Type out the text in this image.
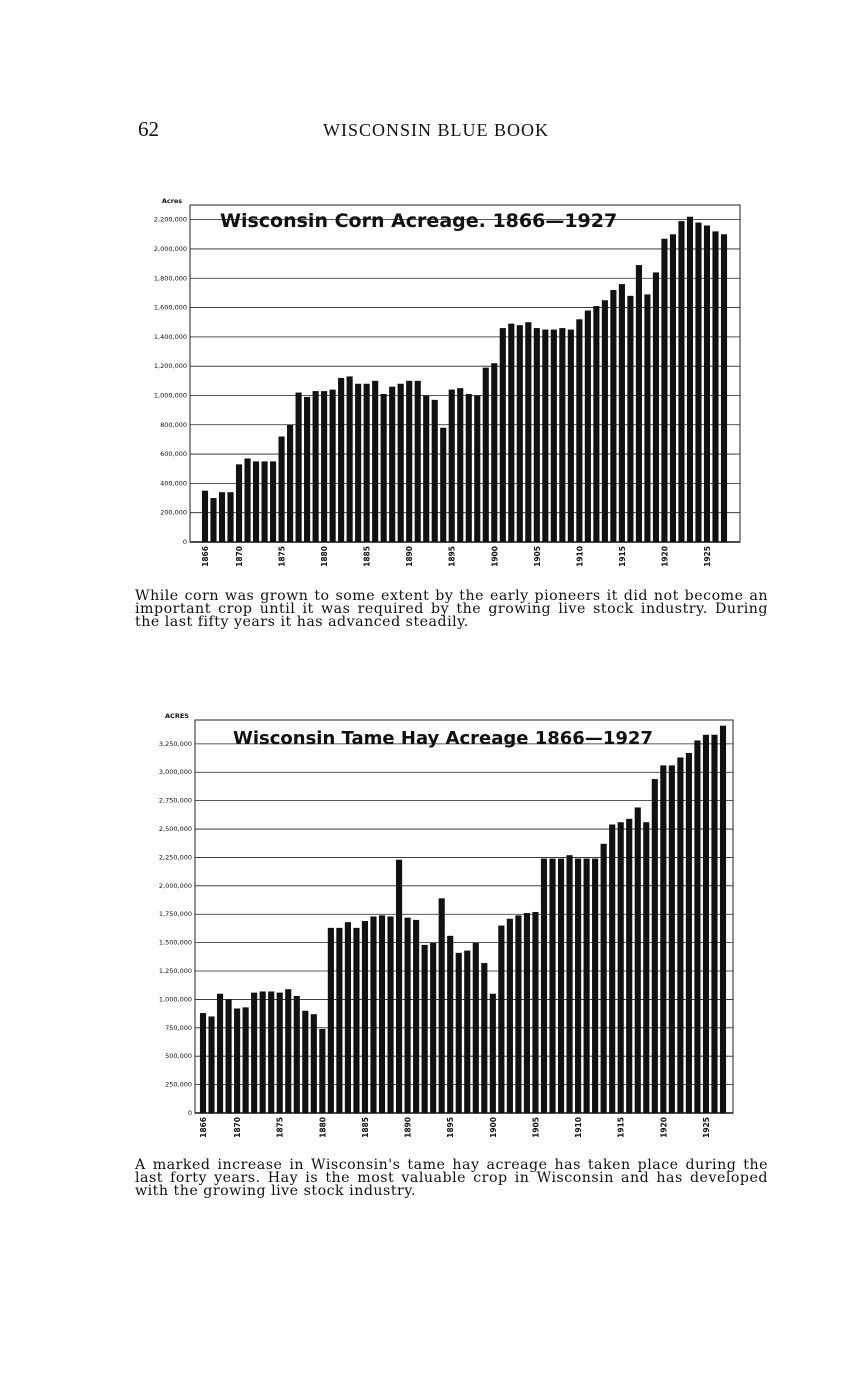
62	WISCONSIN BLUE BOOK
0
200,000
400,000
600,000
800,000
1,000,000
1,200,000
1,400,000
1,600,000
1,800,000
2,000,000
2,200,000
Acres
1866	1870	1875	1880	1885	1890	1895	1900	1905	1910	1915	1920	1925
Wisconsin Corn Acreage. 1866—1927
While corn was grown to some extent by the early pioneers it did not become an important crop until it was required by the growing live stock industry. During the last fifty years it has advanced steadily.
0
250,000
500,000
750,000
1,000,000
1,250,000
1,500,000
1,750,000
2,000,000
2,250,000
2,500,000
2,750,000
3,000,000
3,250,000
ACRES
1866	1870	1875	1880	1885	1890	1895	1900	1905	1910	1915	1920	1925
Wisconsin Tame Hay Acreage 1866—1927
A marked increase in Wisconsin's tame hay acreage has taken place during the last forty years. Hay is the most valuable crop in Wisconsin and has developed with the growing live stock industry.
